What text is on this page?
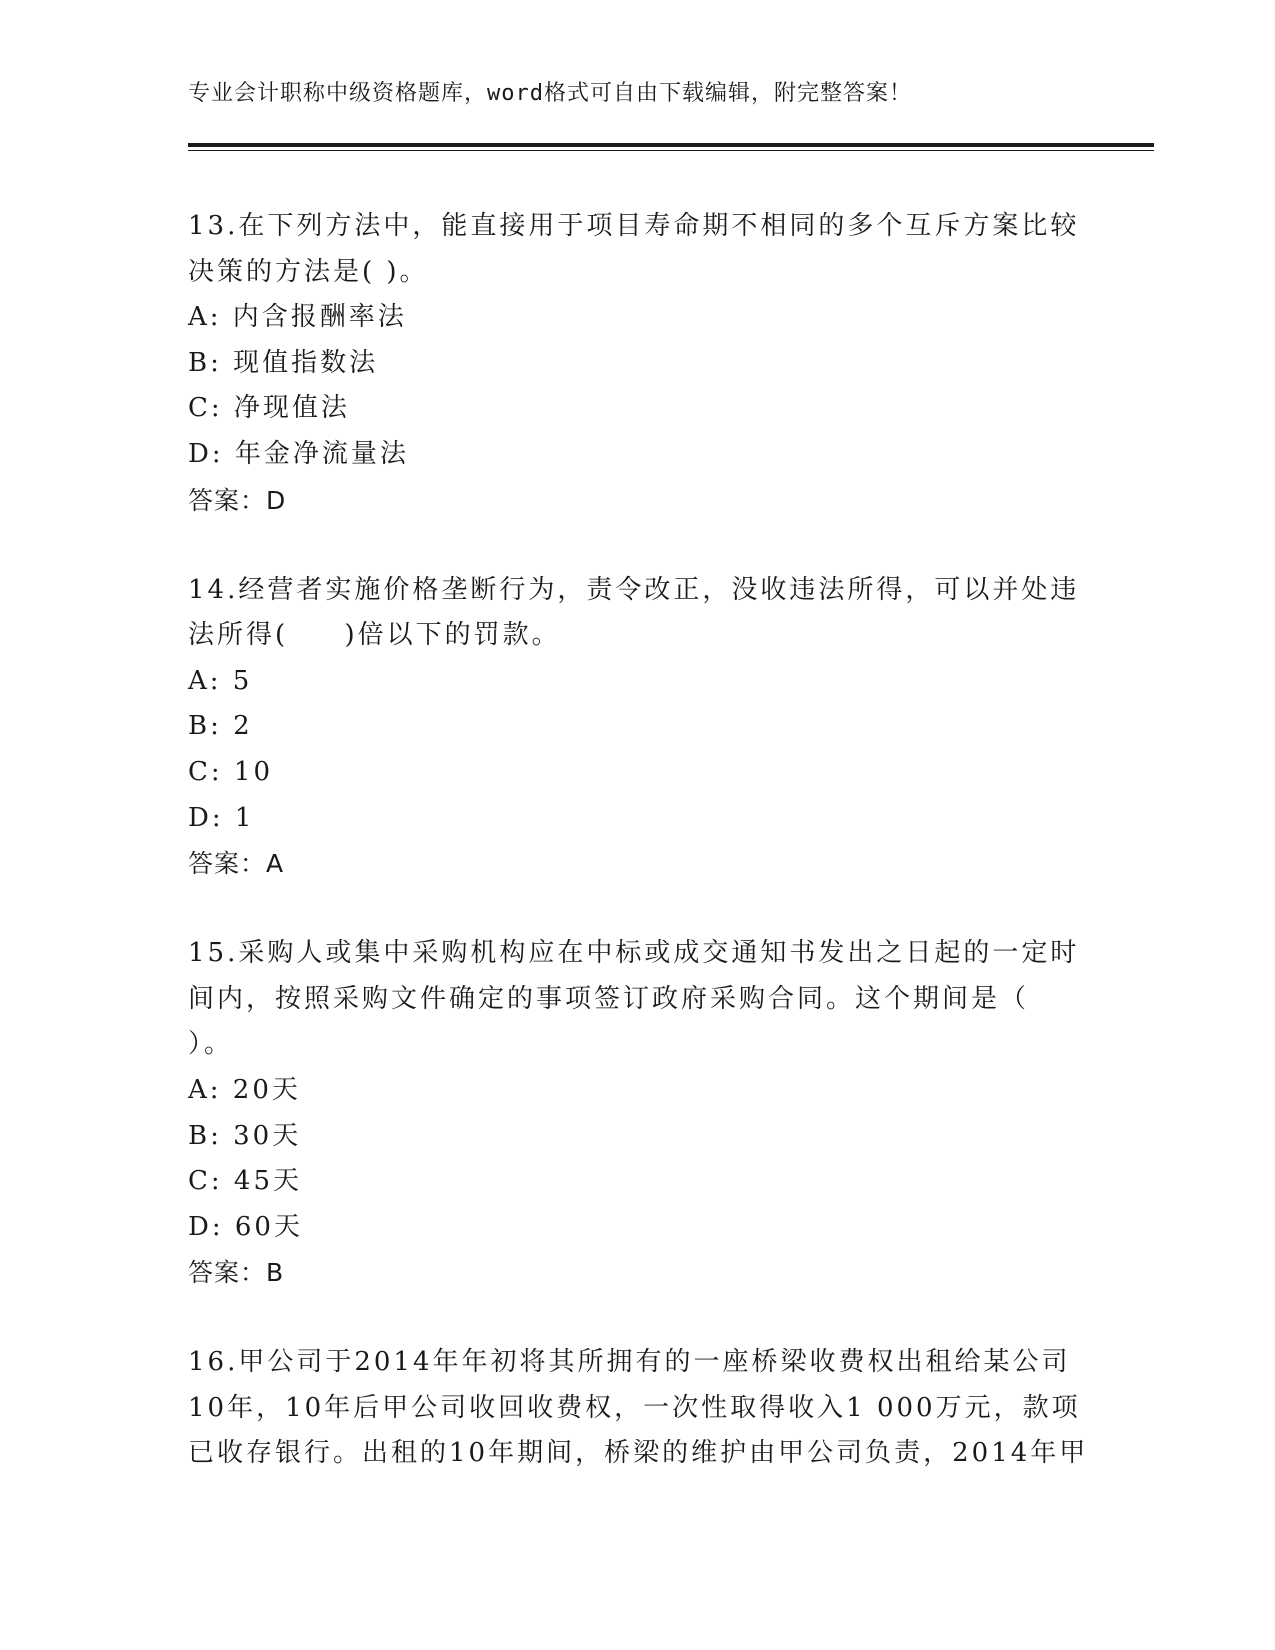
专业会计职称中级资格题库，word格式可自由下载编辑，附完整答案！

13.在下列方法中，能直接用于项目寿命期不相同的多个互斥方案比较

决策的方法是( )。

A: 内含报酬率法

B: 现值指数法

C: 净现值法

D: 年金净流量法

答案：D

14.经营者实施价格垄断行为，责令改正，没收违法所得，可以并处违

法所得(     )倍以下的罚款。

A: 5

B: 2

C: 10

D: 1

答案：A

15.采购人或集中采购机构应在中标或成交通知书发出之日起的一定时

间内，按照采购文件确定的事项签订政府采购合同。这个期间是（

）。

A: 20天

B: 30天

C: 45天

D: 60天

答案：B

16.甲公司于2014年年初将其所拥有的一座桥梁收费权出租给某公司

10年，10年后甲公司收回收费权，一次性取得收入1 000万元，款项

已收存银行。出租的10年期间，桥梁的维护由甲公司负责，2014年甲
